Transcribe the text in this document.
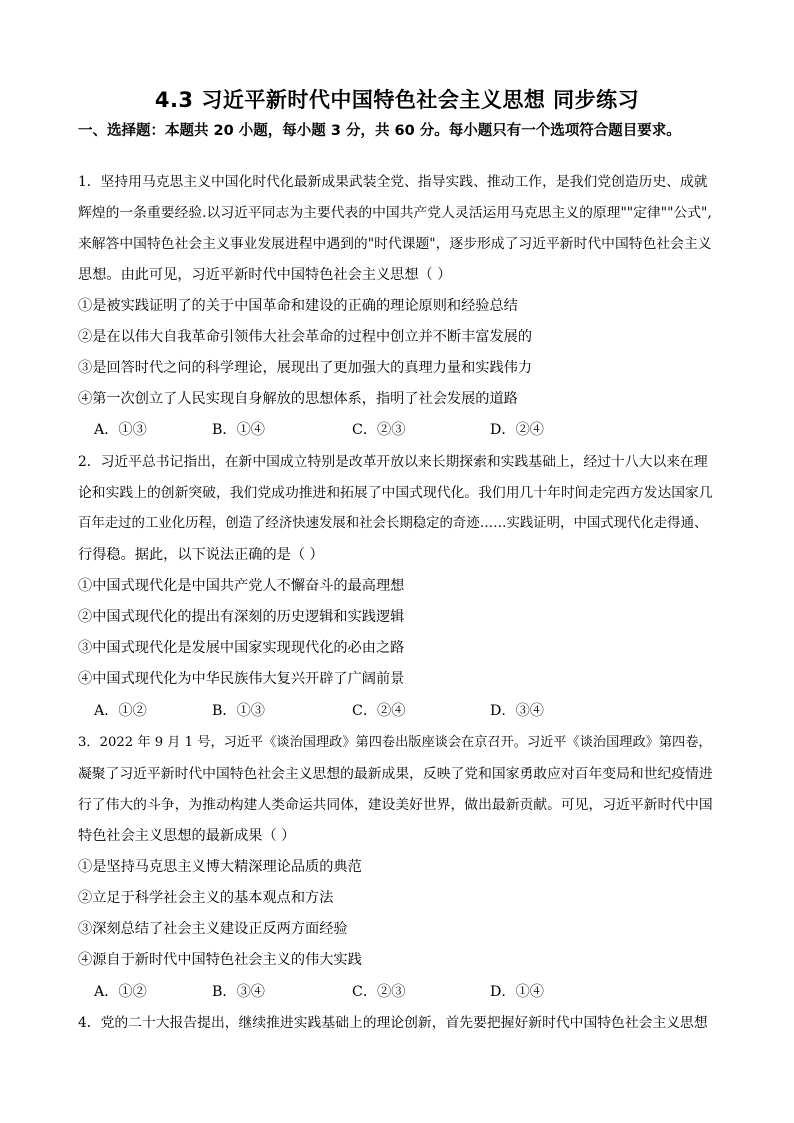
4.3 习近平新时代中国特色社会主义思想 同步练习
一、选择题：本题共 20 小题，每小题 3 分，共 60 分。每小题只有一个选项符合题目要求。
1．坚持用马克思主义中国化时代化最新成果武装全党、指导实践、推动工作，是我们党创造历史、成就
辉煌的一条重要经验.以习近平同志为主要代表的中国共产党人灵活运用马克思主义的原理""定律""公式",
来解答中国特色社会主义事业发展进程中遇到的"时代课题"，逐步形成了习近平新时代中国特色社会主义
思想。由此可见，习近平新时代中国特色社会主义思想（ ）
①是被实践证明了的关于中国革命和建设的正确的理论原则和经验总结
②是在以伟大自我革命引领伟大社会革命的过程中创立并不断丰富发展的
③是回答时代之问的科学理论，展现出了更加强大的真理力量和实践伟力
④第一次创立了人民实现自身解放的思想体系，指明了社会发展的道路
A．①③	B．①④	C．②③	D．②④
2．习近平总书记指出，在新中国成立特别是改革开放以来长期探索和实践基础上，经过十八大以来在理
论和实践上的创新突破，我们党成功推进和拓展了中国式现代化。我们用几十年时间走完西方发达国家几
百年走过的工业化历程，创造了经济快速发展和社会长期稳定的奇迹……实践证明，中国式现代化走得通、
行得稳。据此，以下说法正确的是（ ）
①中国式现代化是中国共产党人不懈奋斗的最高理想
②中国式现代化的提出有深刻的历史逻辑和实践逻辑
③中国式现代化是发展中国家实现现代化的必由之路
④中国式现代化为中华民族伟大复兴开辟了广阔前景
A．①②	B．①③	C．②④	D．③④
3．2022 年 9 月 1 号，习近平《谈治国理政》第四卷出版座谈会在京召开。习近平《谈治国理政》第四卷，
凝聚了习近平新时代中国特色社会主义思想的最新成果，反映了党和国家勇敢应对百年变局和世纪疫情进
行了伟大的斗争，为推动构建人类命运共同体，建设美好世界，做出最新贡献。可见，习近平新时代中国
特色社会主义思想的最新成果（ ）
①是坚持马克思主义博大精深理论品质的典范
②立足于科学社会主义的基本观点和方法
③深刻总结了社会主义建设正反两方面经验
④源自于新时代中国特色社会主义的伟大实践
A．①②	B．③④	C．②③	D．①④
4．党的二十大报告提出，继续推进实践基础上的理论创新，首先要把握好新时代中国特色社会主义思想
